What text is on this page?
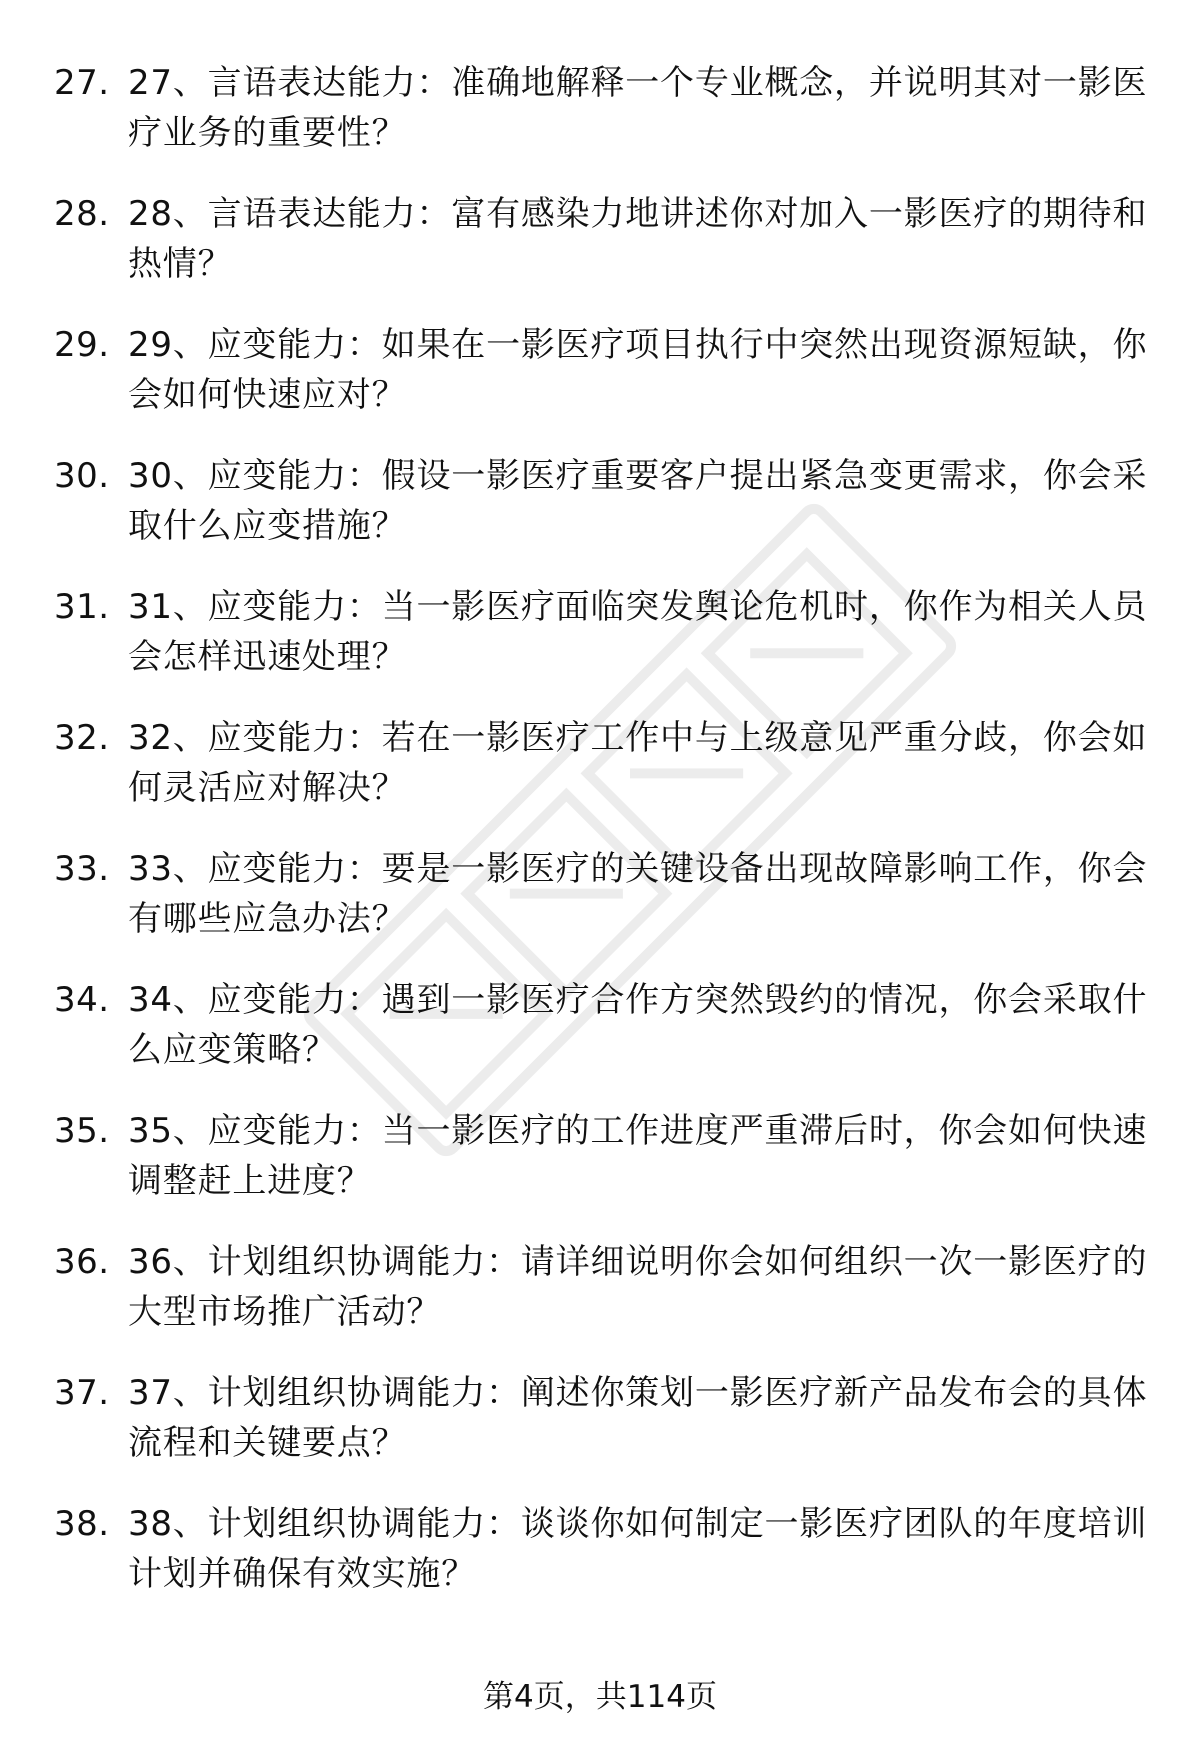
27. 27、言语表达能力：准确地解释一个专业概念，并说明其对一影医疗业务的重要性？
28. 28、言语表达能力：富有感染力地讲述你对加入一影医疗的期待和热情？
29. 29、应变能力：如果在一影医疗项目执行中突然出现资源短缺，你会如何快速应对？
30. 30、应变能力：假设一影医疗重要客户提出紧急变更需求，你会采取什么应变措施？
31. 31、应变能力：当一影医疗面临突发舆论危机时，你作为相关人员会怎样迅速处理？
32. 32、应变能力：若在一影医疗工作中与上级意见严重分歧，你会如何灵活应对解决？
33. 33、应变能力：要是一影医疗的关键设备出现故障影响工作，你会有哪些应急办法？
34. 34、应变能力：遇到一影医疗合作方突然毁约的情况，你会采取什么应变策略？
35. 35、应变能力：当一影医疗的工作进度严重滞后时，你会如何快速调整赶上进度？
36. 36、计划组织协调能力：请详细说明你会如何组织一次一影医疗的大型市场推广活动？
37. 37、计划组织协调能力：阐述你策划一影医疗新产品发布会的具体流程和关键要点？
38. 38、计划组织协调能力：谈谈你如何制定一影医疗团队的年度培训计划并确保有效实施？
第4页，共114页
